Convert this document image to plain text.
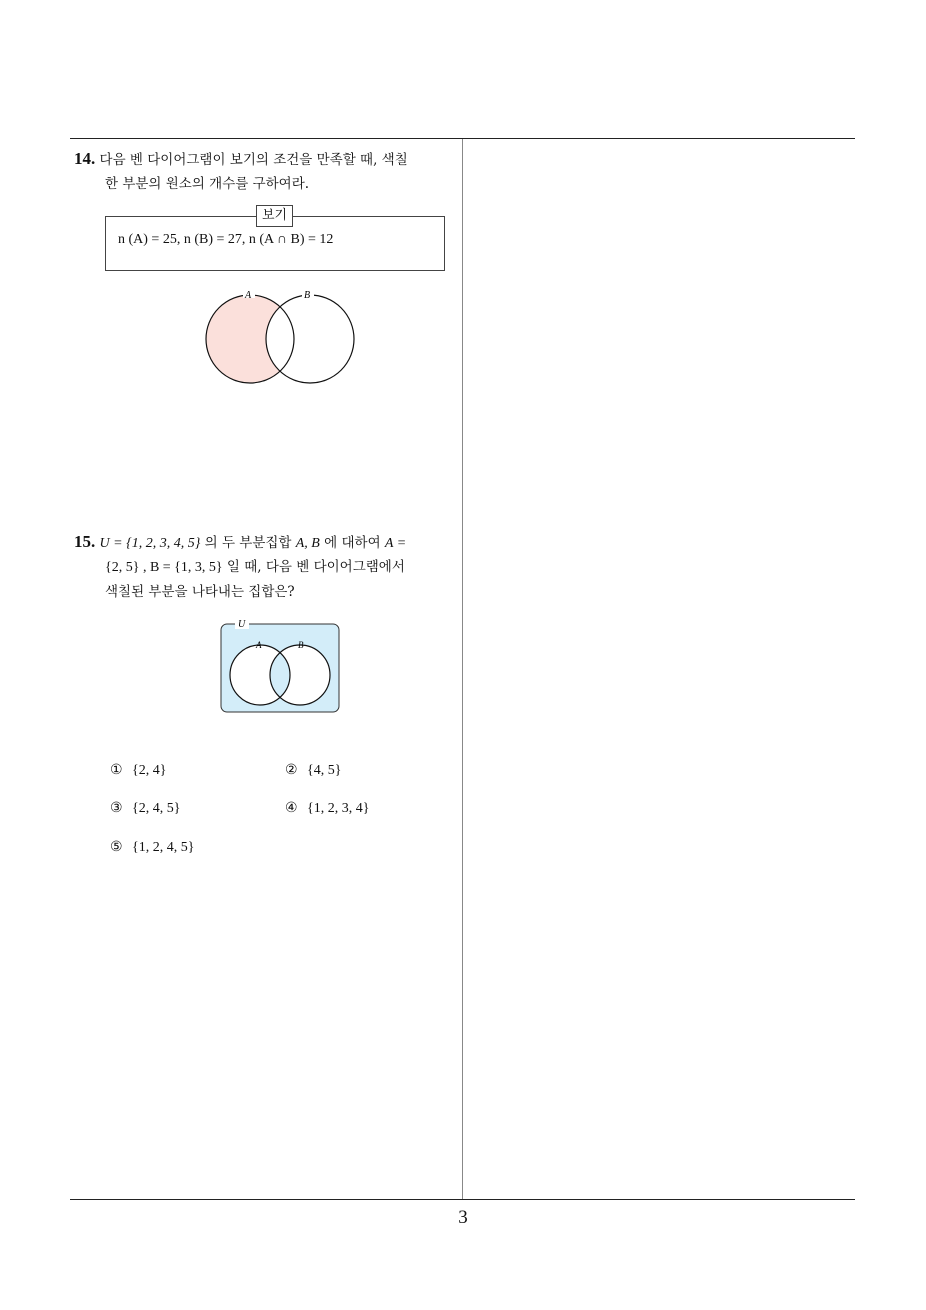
14. 다음 벤 다이어그램이 보기의 조건을 만족할 때, 색칠
한 부분의 원소의 개수를 구하여라.
보기
n (A) = 25, n (B) = 27, n (A ∩ B) = 12
A	B
15. U = {1, 2, 3, 4, 5} 의 두 부분집합 A, B 에 대하여 A =
{2, 5} , B = {1, 3, 5} 일 때, 다음 벤 다이어그램에서
색칠된 부분을 나타내는 집합은?
U
A	B
① {2, 4}	② {4, 5}
③ {2, 4, 5}	④ {1, 2, 3, 4}
⑤ {1, 2, 4, 5}
3
